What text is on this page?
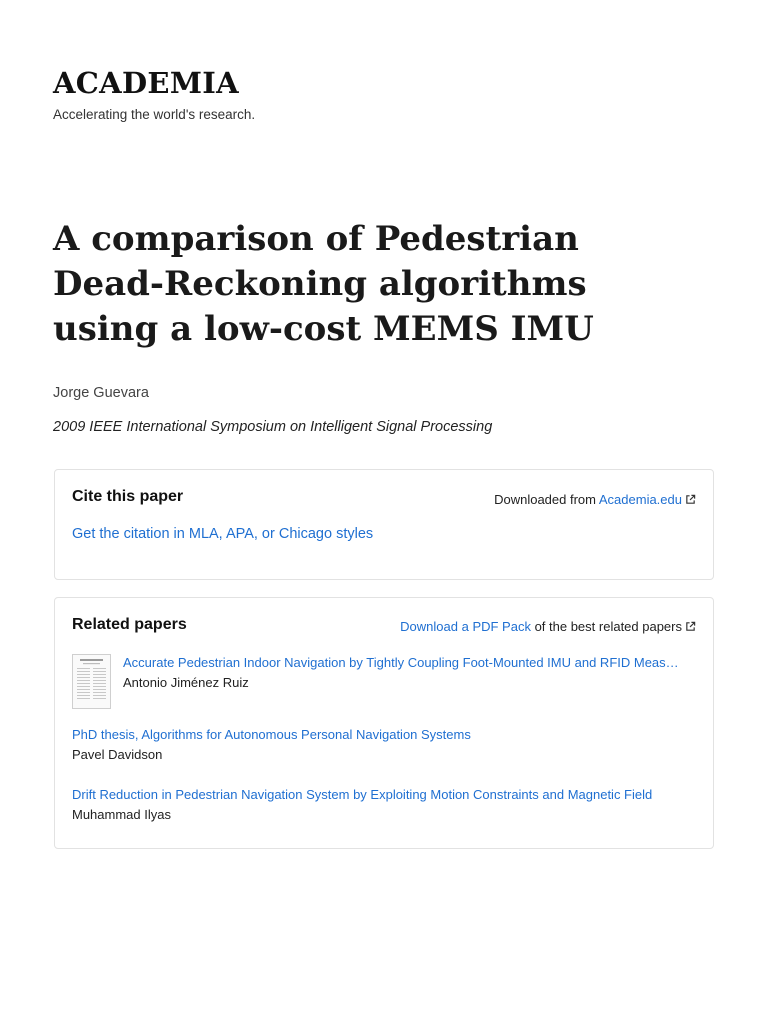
ACADEMIA
Accelerating the world's research.
A comparison of Pedestrian Dead-Reckoning algorithms using a low-cost MEMS IMU
Jorge Guevara
2009 IEEE International Symposium on Intelligent Signal Processing
Cite this paper	Downloaded from Academia.edu
Get the citation in MLA, APA, or Chicago styles
Related papers	Download a PDF Pack of the best related papers
Accurate Pedestrian Indoor Navigation by Tightly Coupling Foot-Mounted IMU and RFID Meas…
Antonio Jiménez Ruiz
PhD thesis, Algorithms for Autonomous Personal Navigation Systems
Pavel Davidson
Drift Reduction in Pedestrian Navigation System by Exploiting Motion Constraints and Magnetic Field
Muhammad Ilyas
